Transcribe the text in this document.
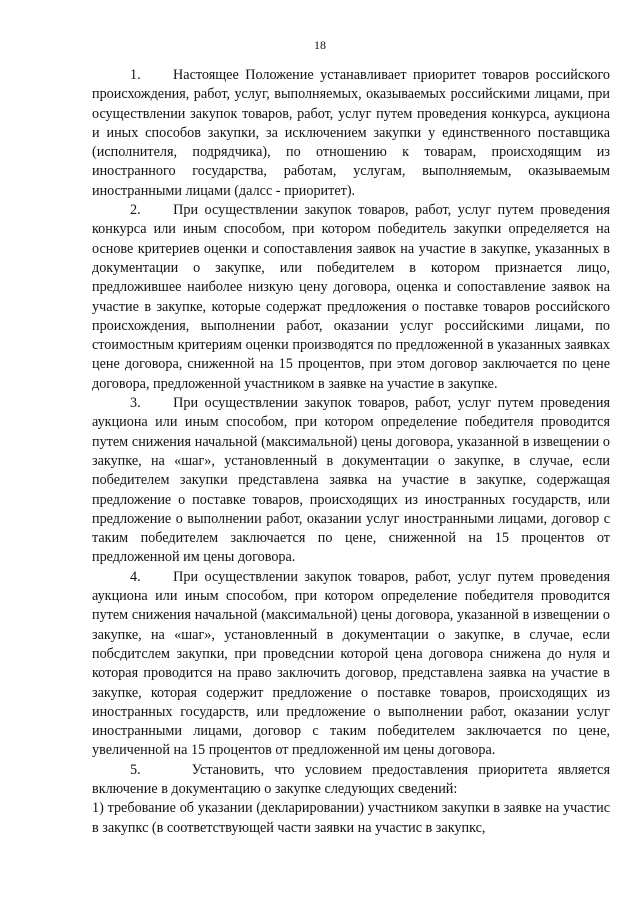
18

1.     Настоящее Положение устанавливает приоритет товаров российского происхождения, работ, услуг, выполняемых, оказываемых российскими лицами, при осуществлении закупок товаров, работ, услуг путем проведения конкурса, аукциона и иных способов закупки, за исключением закупки у единственного поставщика (исполнителя, подрядчика), по отношению к товарам, происходящим из иностранного государства, работам, услугам, выполняемым, оказываемым иностранными лицами (далсс - приоритет).

2.     При осуществлении закупок товаров, работ, услуг путем проведения конкурса или иным способом, при котором победитель закупки определяется на основе критериев оценки и сопоставления заявок на участие в закупке, указанных в документации о закупке, или победителем в котором признается лицо, предложившее наиболее низкую цену договора, оценка и сопоставление заявок на участие в закупке, которые содержат предложения о поставке товаров российского происхождения, выполнении работ, оказании услуг российскими лицами, по стоимостным критериям оценки производятся по предложенной в указанных заявках цене договора, сниженной на 15 процентов, при этом договор заключается по цене договора, предложенной участником в заявке на участие в закупке.

3.     При осуществлении закупок товаров, работ, услуг путем проведения аукциона или иным способом, при котором определение победителя проводится путем снижения начальной (максимальной) цены договора, указанной в извещении о закупке, на «шаг», установленный в документации о закупке, в случае, если победителем закупки представлена заявка на участие в закупке, содержащая предложение о поставке товаров, происходящих из иностранных государств, или предложение о выполнении работ, оказании услуг иностранными лицами, договор с таким победителем заключается по цене, сниженной на 15 процентов от предложенной им цены договора.

4.     При осуществлении закупок товаров, работ, услуг путем проведения аукциона или иным способом, при котором определение победителя проводится путем снижения начальной (максимальной) цены договора, указанной в извещении о закупке, на «шаг», установленный в документации о закупке, в случае, если побсдитслем закупки, при проведснии которой цена договора снижена до нуля и которая проводится на право заключить договор, представлена заявка на участие в закупке, которая содержит предложение о поставке товаров, происходящих из иностранных государств, или предложение о выполнении работ, оказании услуг иностранными лицами, договор с таким победителем заключается по цене, увеличенной на 15 процентов от предложенной им цены договора.

5.     Установить, что условием предоставления приоритета является включение в документацию о закупке следующих сведений:

1) требование об указании (декларировании) участником закупки в заявке на участис в закупкс (в соответствующей части заявки на участис в закупкс,
